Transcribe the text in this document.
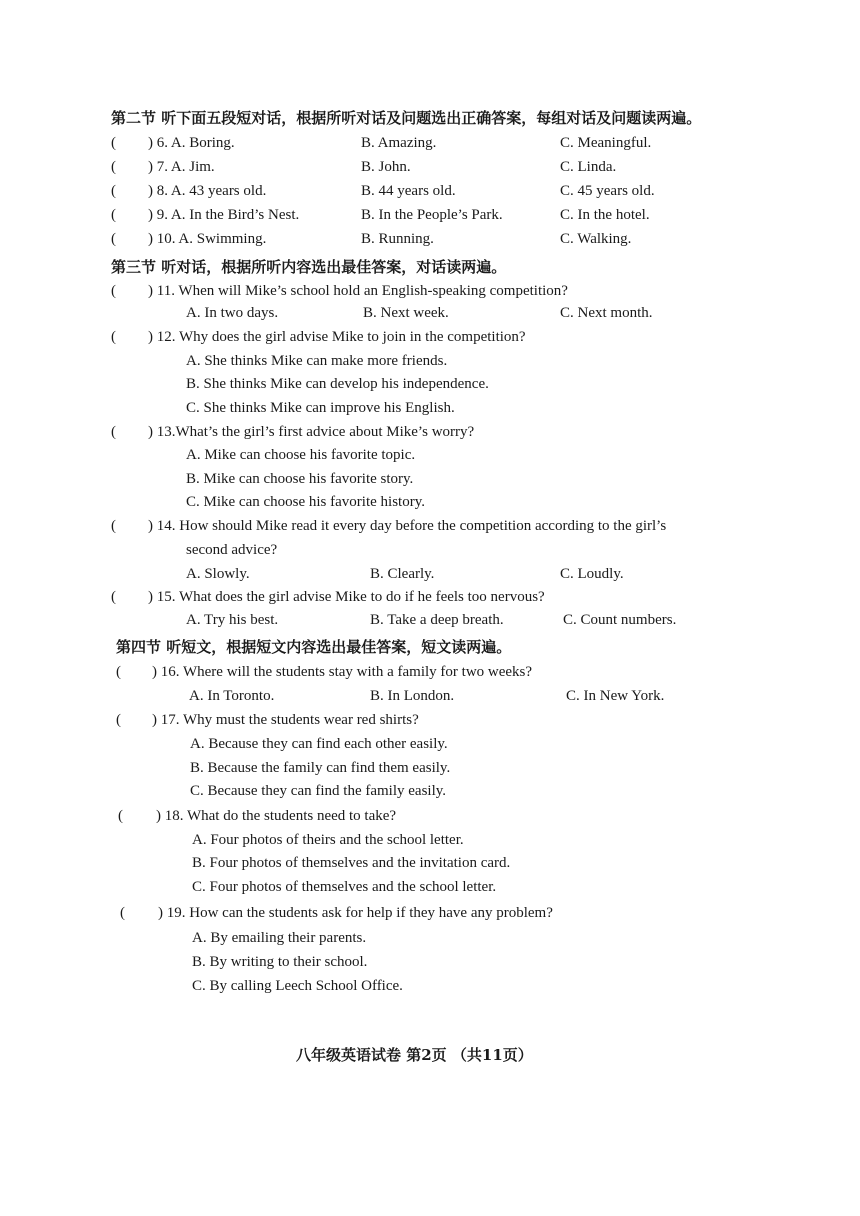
第二节 听下面五段短对话，根据所听对话及问题选出正确答案，每组对话及问题读两遍。
( ) 6. A. Boring.	B. Amazing.	C. Meaningful.
( ) 7. A. Jim.	B. John.	C. Linda.
( ) 8. A. 43 years old.	B. 44 years old.	C. 45 years old.
( ) 9. A. In the Bird’s Nest.	B. In the People’s Park.	C. In the hotel.
( ) 10. A. Swimming.	B. Running.	C. Walking.
第三节 听对话，根据所听内容选出最佳答案，对话读两遍。
( ) 11. When will Mike’s school hold an English-speaking competition?
A. In two days.	B. Next week.	C. Next month.
( ) 12. Why does the girl advise Mike to join in the competition?
A. She thinks Mike can make more friends.
B. She thinks Mike can develop his independence.
C. She thinks Mike can improve his English.
( ) 13.What’s the girl’s first advice about Mike’s worry?
A. Mike can choose his favorite topic.
B. Mike can choose his favorite story.
C. Mike can choose his favorite history.
( ) 14. How should Mike read it every day before the competition according to the girl’s
second advice?
A. Slowly.	B. Clearly.	C. Loudly.
( ) 15. What does the girl advise Mike to do if he feels too nervous?
A. Try his best.	B. Take a deep breath.	C. Count numbers.
第四节 听短文，根据短文内容选出最佳答案，短文读两遍。
( ) 16. Where will the students stay with a family for two weeks?
A. In Toronto.	B. In London.	C. In New York.
( ) 17. Why must the students wear red shirts?
A. Because they can find each other easily.
B. Because the family can find them easily.
C. Because they can find the family easily.
( ) 18. What do the students need to take?
A. Four photos of theirs and the school letter.
B. Four photos of themselves and the invitation card.
C. Four photos of themselves and the school letter.
( ) 19. How can the students ask for help if they have any problem?
A. By emailing their parents.
B. By writing to their school.
C. By calling Leech School Office.
八年级英语试卷 第2页 （共11页）
